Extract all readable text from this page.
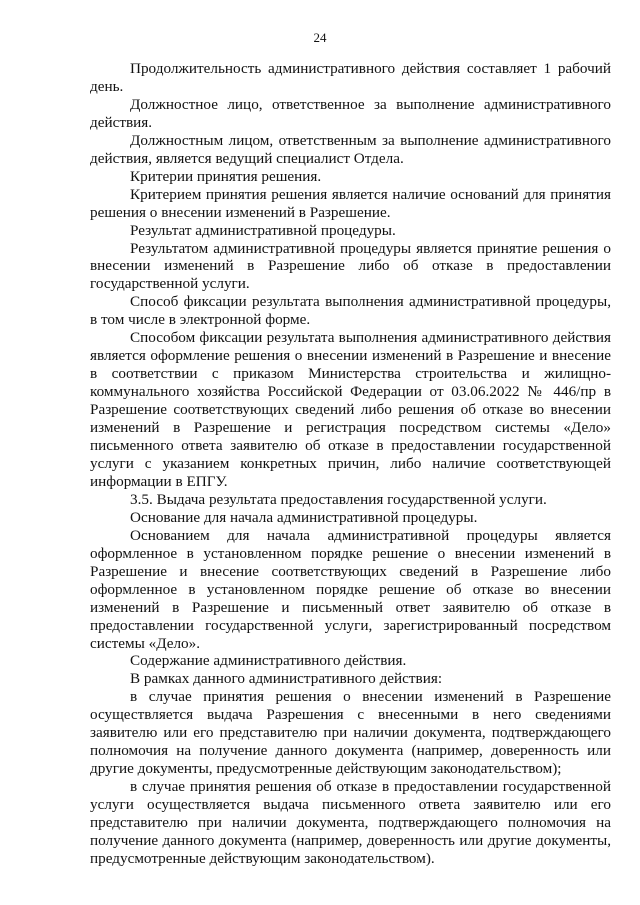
24

Продолжительность административного действия составляет 1 рабочий день.

Должностное лицо, ответственное за выполнение административного действия.

Должностным лицом, ответственным за выполнение административного действия, является ведущий специалист Отдела.

Критерии принятия решения.

Критерием принятия решения является наличие оснований для принятия решения о внесении изменений в Разрешение.

Результат административной процедуры.

Результатом административной процедуры является принятие решения о внесении изменений в Разрешение либо об отказе в предоставлении государственной услуги.

Способ фиксации результата выполнения административной процедуры, в том числе в электронной форме.

Способом фиксации результата выполнения административного действия является оформление решения о внесении изменений в Разрешение и внесение в соответствии с приказом Министерства строительства и жилищно-коммунального хозяйства Российской Федерации от 03.06.2022 № 446/пр в Разрешение соответствующих сведений либо решения об отказе во внесении изменений в Разрешение и регистрация посредством системы «Дело» письменного ответа заявителю об отказе в предоставлении государственной услуги с указанием конкретных причин, либо наличие соответствующей информации в ЕПГУ.

3.5. Выдача результата предоставления государственной услуги.

Основание для начала административной процедуры.

Основанием для начала административной процедуры является оформленное в установленном порядке решение о внесении изменений в Разрешение и внесение соответствующих сведений в Разрешение либо оформленное в установленном порядке решение об отказе во внесении изменений в Разрешение и письменный ответ заявителю об отказе в предоставлении государственной услуги, зарегистрированный посредством системы «Дело».

Содержание административного действия.

В рамках данного административного действия:

в случае принятия решения о внесении изменений в Разрешение осуществляется выдача Разрешения с внесенными в него сведениями заявителю или его представителю при наличии документа, подтверждающего полномочия на получение данного документа (например, доверенность или другие документы, предусмотренные действующим законодательством);

в случае принятия решения об отказе в предоставлении государственной услуги осуществляется выдача письменного ответа заявителю или его представителю при наличии документа, подтверждающего полномочия на получение данного документа (например, доверенность или другие документы, предусмотренные действующим законодательством).
